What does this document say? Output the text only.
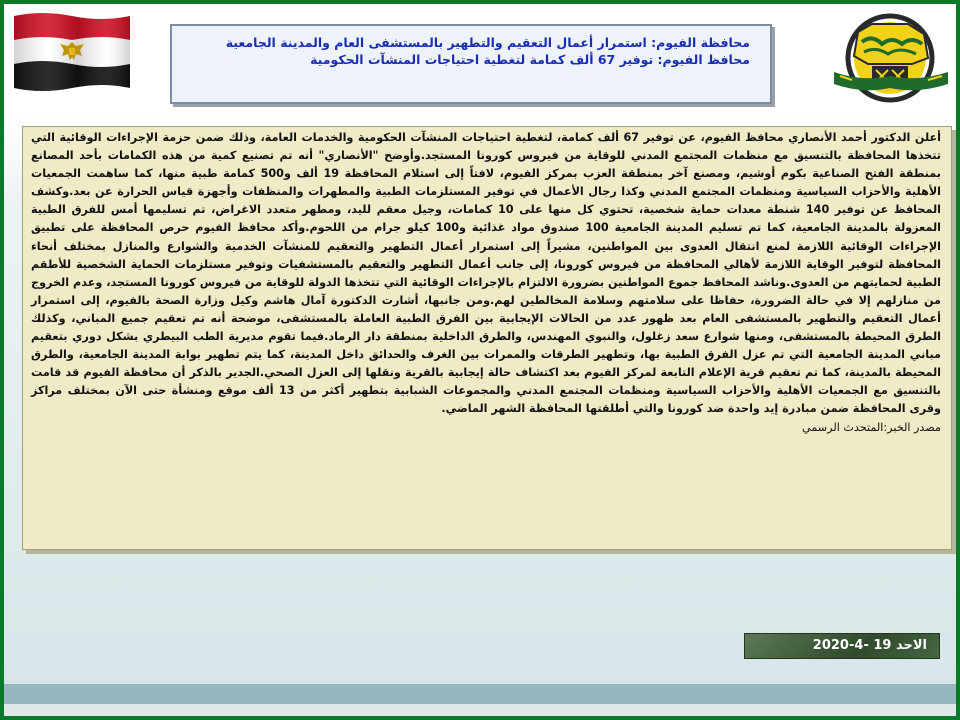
محافظة الفيوم: استمرار أعمال التعقيم والتطهير بالمستشفى العام والمدينة الجامعية
محافظ الفيوم: توفير 67 ألف كمامة لتغطية احتياجات المنشآت الحكومية

أعلن الدكتور أحمد الأنصاري محافظ الفيوم، عن توفير 67 ألف كمامة، لتغطية احتياجات المنشآت الحكومية والخدمات العامة، وذلك ضمن حزمة الإجراءات الوقائية التي تتخذها المحافظة بالتنسيق مع منظمات المجتمع المدني للوقاية من فيروس كورونا المستجد.وأوضح "الأنصاري" أنه تم تصنيع كمية من هذه الكمامات بأحد المصانع بمنطقة الفتح الصناعية بكوم أوشيم، ومصنع آخر بمنطقة العزب بمركز الفيوم، لافتاً إلى استلام المحافظة 19 ألف و500 كمامة طبية منها، كما ساهمت الجمعيات الأهلية والأحزاب السياسية ومنظمات المجتمع المدني وكذا رجال الأعمال في توفير المستلزمات الطبية والمطهرات والمنظفات وأجهزة قياس الحرارة عن بعد.وكشف المحافظ عن توفير 140 شنطة معدات حماية شخصية، تحتوي كل منها على 10 كمامات، وجيل معقم لليد، ومطهر متعدد الاغراض، تم تسليمها أمس للفرق الطبية المعزولة بالمدينة الجامعية، كما تم تسليم المدينة الجامعية 100 صندوق مواد غذائية و100 كيلو جرام من اللحوم.وأكد محافظ الفيوم حرص المحافظة على تطبيق الإجراءات الوقائية اللازمة لمنع انتقال العدوى بين المواطنين، مشيراً إلى استمرار أعمال التطهير والتعقيم للمنشآت الخدمية والشوارع والمنازل بمختلف أنحاء المحافظة لتوفير الوقاية اللازمة لأهالي المحافظة من فيروس كورونا، إلى جانب أعمال التطهير والتعقيم بالمستشفيات وتوفير مستلزمات الحماية الشخصية للأطقم الطبية لحمايتهم من العدوى.وناشد المحافظ جموع المواطنين بضرورة الالتزام بالإجراءات الوقائية التي تتخذها الدولة للوقاية من فيروس كورونا المستجد، وعدم الخروج من منازلهم إلا في حالة الضرورة، حفاظا على سلامتهم وسلامة المخالطين لهم.ومن جانبها، أشارت الدكتورة آمال هاشم وكيل وزارة الصحة بالفيوم، إلى استمرار أعمال التعقيم والتطهير بالمستشفى العام بعد ظهور عدد من الحالات الإيجابية بين الفرق الطبية العاملة بالمستشفى، موضحة أنه تم تعقيم جميع المباني، وكذلك الطرق المحيطة بالمستشفى، ومنها شوارع سعد زغلول، والنبوي المهندس، والطرق الداخلية بمنطقة دار الرماد.فيما تقوم مديرية الطب البيطري بشكل دوري بتعقيم مباني المدينة الجامعية التي تم عزل الفرق الطبية بها، وتطهير الطرقات والممرات بين الغرف والحدائق داخل المدينة، كما يتم تطهير بوابة المدينة الجامعية، والطرق المحيطة بالمدينة، كما تم تعقيم قرية الإعلام التابعة لمركز الفيوم بعد اكتشاف حالة إيجابية بالقرية ونقلها إلى العزل الصحي.الجدير بالذكر أن محافظة الفيوم قد قامت بالتنسيق مع الجمعيات الأهلية والأحزاب السياسية ومنظمات المجتمع المدني والمجموعات الشبابية بتطهير أكثر من 13 ألف موقع ومنشأة حتى الآن بمختلف مراكز وقرى المحافظة ضمن مبادرة إيد واحدة ضد كورونا والتي أطلقتها المحافظة الشهر الماضي.

مصدر الخبر:المتحدث الرسمي

الاحد 19 -4-2020
